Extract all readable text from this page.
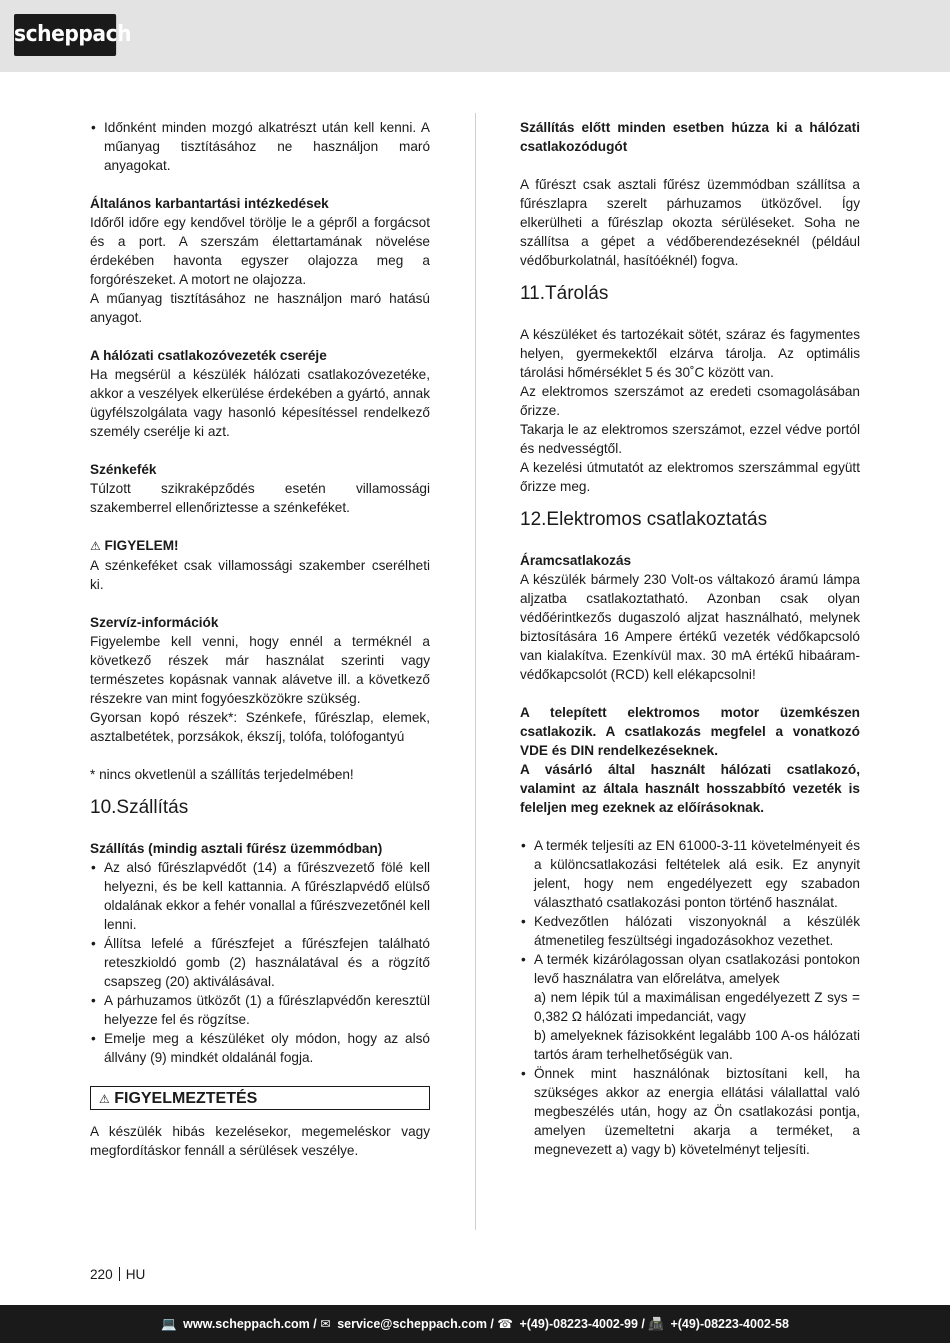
scheppach
• Időnként minden mozgó alkatrészt után kell kenni. A műanyag tisztításához ne használjon maró anyagokat.

Általános karbantartási intézkedések

Időről időre egy kendővel törölje le a gépről a forgácsot és a port. A szerszám élettartamának növelése érdekében havonta egyszer olajozza meg a forgórészeket. A motort ne olajozza.

A műanyag tisztításához ne használjon maró hatású anyagot.

A hálózati csatlakozóvezeték cseréje

Ha megsérül a készülék hálózati csatlakozóvezetéke, akkor a veszélyek elkerülése érdekében a gyártó, annak ügyfélszolgálata vagy hasonló képesítéssel rendelkező személy cserélje ki azt.

Szénkefék

Túlzott szikraképződés esetén villamossági szakemberrel ellenőriztesse a szénkeféket.

⚠ FIGYELEM!

A szénkeféket csak villamossági szakember cserélheti ki.

Szervíz-információk

Figyelembe kell venni, hogy ennél a terméknél a következő részek már használat szerinti vagy természetes kopásnak vannak alávetve ill. a következő részekre van mint fogyóeszközökre szükség.

Gyorsan kopó részek*: Szénkefe, fűrészlap, elemek, asztalbetétek, porzsákok, ékszíj, tolófa, tolófogantyú

* nincs okvetlenül a szállítás terjedelmében!

10.Szállítás

Szállítás (mindig asztali fűrész üzemmódban)

• Az alsó fűrészlapvédőt (14) a fűrészvezető fölé kell helyezni, és be kell kattannia. A fűrészlapvédő elülső oldalának ekkor a fehér vonallal a fűrészvezetőnél kell lenni.
• Állítsa lefelé a fűrészfejet a fűrészfejen található reteszkioldó gomb (2) használatával és a rögzítő csapszeg (20) aktiválásával.
• A párhuzamos ütközőt (1) a fűrészlapvédőn keresztül helyezze fel és rögzítse.
• Emelje meg a készüléket oly módon, hogy az alsó állvány (9) mindkét oldalánál fogja.
⚠ FIGYELMEZTETÉS

A készülék hibás kezelésekor, megemeléskor vagy megfordításkor fennáll a sérülések veszélye.

Szállítás előtt minden esetben húzza ki a hálózati csatlakozódugót

A fűrészt csak asztali fűrész üzemmódban szállítsa a fűrészlapra szerelt párhuzamos ütközővel. Így elkerülheti a fűrészlap okozta sérüléseket. Soha ne szállítsa a gépet a védőberendezéseknél (például védőburkolatnál, hasítóéknél) fogva.

11.Tárolás

A készüléket és tartozékait sötét, száraz és fagymentes helyen, gyermekektől elzárva tárolja. Az optimális tárolási hőmérséklet 5 és 30˚C között van.

Az elektromos szerszámot az eredeti csomagolásában őrizze.

Takarja le az elektromos szerszámot, ezzel védve portól és nedvességtől.

A kezelési útmutatót az elektromos szerszámmal együtt őrizze meg.

12.Elektromos csatlakoztatás

Áramcsatlakozás

A készülék bármely 230 Volt-os váltakozó áramú lámpa aljzatba csatlakoztatható. Azonban csak olyan védőérintkezős dugaszoló aljzat használható, melynek biztosítására 16 Ampere értékű vezeték védőkapcsoló van kialakítva. Ezenkívül max. 30 mA értékű hibaáram-védőkapcsolót (RCD) kell elékapcsolni!

A telepített elektromos motor üzemkészen csatlakozik. A csatlakozás megfelel a vonatkozó VDE és DIN rendelkezéseknek.

A vásárló által használt hálózati csatlakozó, valamint az általa használt hosszabbító vezeték is feleljen meg ezeknek az előírásoknak.

• A termék teljesíti az EN 61000-3-11 követelményeit és a különcsatlakozási feltételek alá esik. Ez anynyit jelent, hogy nem engedélyezett egy szabadon választható csatlakozási ponton történő használat.
• Kedvezőtlen hálózati viszonyoknál a készülék átmenetileg feszültségi ingadozásokhoz vezethet.
• A termék kizárólagossan olyan csatlakozási pontokon levő használatra van előrelátva, amelyek
a) nem lépik túl a maximálisan engedélyezett Z sys = 0,382 Ω hálózati impedanciát, vagy
b) amelyeknek fázisokként legalább 100 A-os hálózati tartós áram terhelhetőségük van.
• Önnek mint használónak biztosítani kell, ha szükséges akkor az energia ellátási válallattal való megbeszélés után, hogy az Ön csatlakozási pontja, amelyen üzemeltetni akarja a terméket, a megnevezett a) vagy b) követelményt teljesíti.
220 HU
💻 www.scheppach.com / ✉ service@scheppach.com / ☎ +(49)-08223-4002-99 / 📠 +(49)-08223-4002-58
